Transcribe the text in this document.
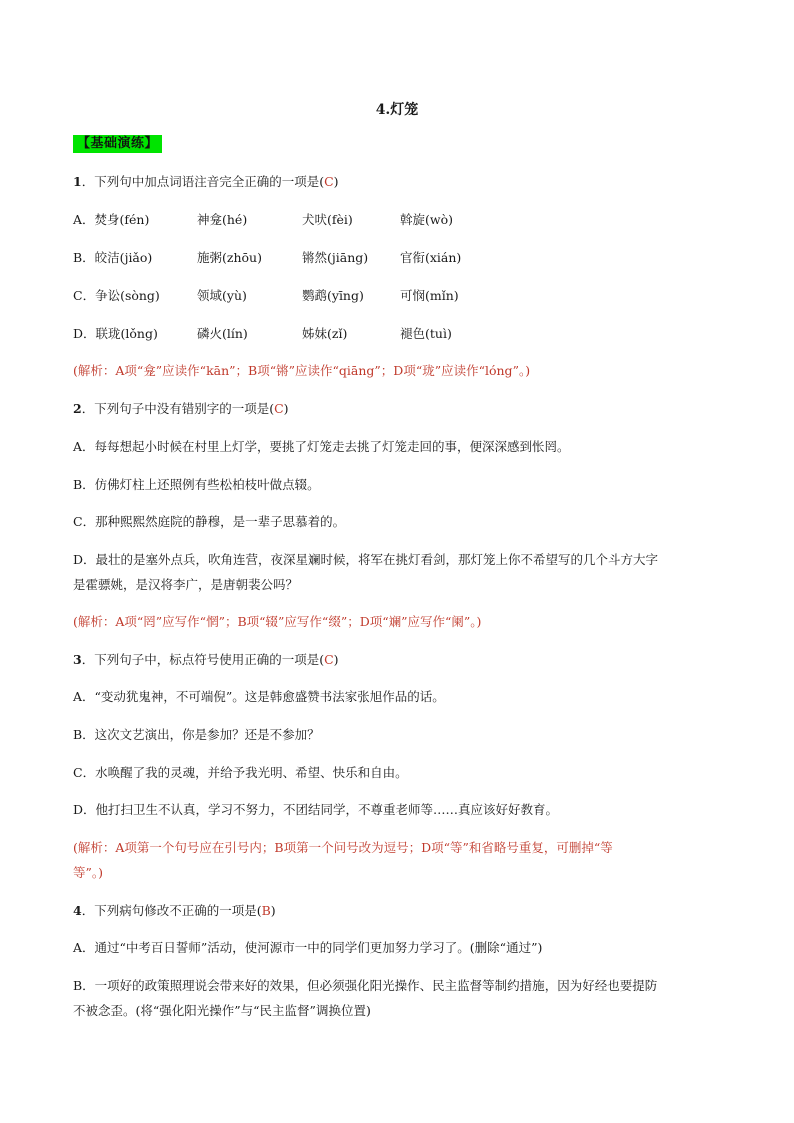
4.灯笼
【基础演练】
1．下列句中加点词语注音完全正确的一项是(C)
A．焚身(fén)	神龛(hé)	犬吠(fèi)	斡旋(wò)
B．皎洁(jiǎo)	施粥(zhōu)	锵然(jiāng)	官衔(xián)
C．争讼(sòng)	领域(yù)	鹦鹉(yīng)	可悯(mǐn)
D．联珑(lǒng)	磷火(lín)	姊妹(zǐ)	褪色(tuì)
(解析：A项“龛”应读作“kān”；B项“锵”应读作“qiāng”；D项“珑”应读作“lóng”。)
2．下列句子中没有错别字的一项是(C)
A．每每想起小时候在村里上灯学，要挑了灯笼走去挑了灯笼走回的事，便深深感到怅罔。
B．仿佛灯柱上还照例有些松柏枝叶做点辍。
C．那种熙熙然庭院的静穆，是一辈子思慕着的。
D．最壮的是塞外点兵，吹角连营，夜深星斓时候，将军在挑灯看剑，那灯笼上你不希望写的几个斗方大字
是霍骠姚，是汉将李广，是唐朝裴公吗？
(解析：A项“罔”应写作“惘”；B项“辍”应写作“缀”；D项“斓”应写作“阑”。)
3．下列句子中，标点符号使用正确的一项是(C)
A．“变动犹鬼神，不可端倪”。这是韩愈盛赞书法家张旭作品的话。
B．这次文艺演出，你是参加？还是不参加？
C．水唤醒了我的灵魂，并给予我光明、希望、快乐和自由。
D．他打扫卫生不认真，学习不努力，不团结同学，不尊重老师等……真应该好好教育。
(解析：A项第一个句号应在引号内；B项第一个问号改为逗号；D项“等”和省略号重复，可删掉“等
等”。)
4．下列病句修改不正确的一项是(B)
A．通过“中考百日誓师”活动，使河源市一中的同学们更加努力学习了。(删除“通过”)
B．一项好的政策照理说会带来好的效果，但必须强化阳光操作、民主监督等制约措施，因为好经也要提防
不被念歪。(将“强化阳光操作”与“民主监督”调换位置)
